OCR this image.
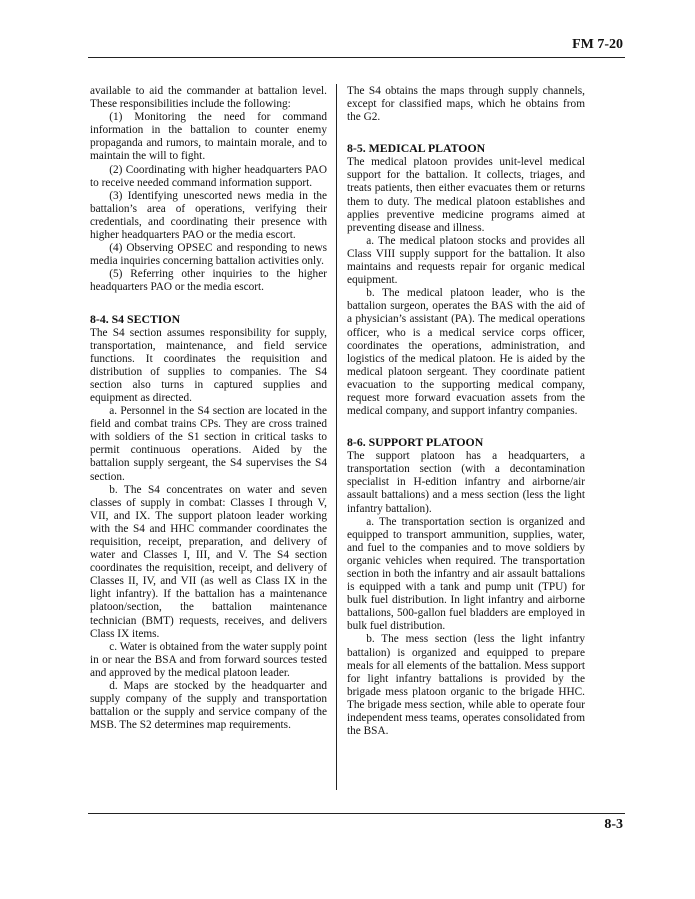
FM 7-20

available to aid the commander at battalion level. These responsibilities include the following:

(1) Monitoring the need for command information in the battalion to counter enemy propaganda and rumors, to maintain morale, and to maintain the will to fight.

(2) Coordinating with higher headquarters PAO to receive needed command information support.

(3) Identifying unescorted news media in the battalion’s area of operations, verifying their credentials, and coordinating their presence with higher headquarters PAO or the media escort.

(4) Observing OPSEC and responding to news media inquiries concerning battalion activities only.

(5) Referring other inquiries to the higher headquarters PAO or the media escort.

8-4. S4 SECTION

The S4 section assumes responsibility for supply, transportation, maintenance, and field service functions. It coordinates the requisition and distribution of supplies to companies. The S4 section also turns in captured supplies and equipment as directed.

a. Personnel in the S4 section are located in the field and combat trains CPs. They are cross trained with soldiers of the S1 section in critical tasks to permit continuous operations. Aided by the battalion supply sergeant, the S4 supervises the S4 section.

b. The S4 concentrates on water and seven classes of supply in combat: Classes I through V, VII, and IX. The support platoon leader working with the S4 and HHC commander coordinates the requisition, receipt, preparation, and delivery of water and Classes I, III, and V. The S4 section coordinates the requisition, receipt, and delivery of Classes II, IV, and VII (as well as Class IX in the light infantry). If the battalion has a maintenance platoon/section, the battalion maintenance technician (BMT) requests, receives, and delivers Class IX items.

c. Water is obtained from the water supply point in or near the BSA and from forward sources tested and approved by the medical platoon leader.

d. Maps are stocked by the headquarter and supply company of the supply and transportation battalion or the supply and service company of the MSB. The S2 determines map requirements.

The S4 obtains the maps through supply channels, except for classified maps, which he obtains from the G2.

8-5. MEDICAL PLATOON

The medical platoon provides unit-level medical support for the battalion. It collects, triages, and treats patients, then either evacuates them or returns them to duty. The medical platoon establishes and applies preventive medicine programs aimed at preventing disease and illness.

a. The medical platoon stocks and provides all Class VIII supply support for the battalion. It also maintains and requests repair for organic medical equipment.

b. The medical platoon leader, who is the battalion surgeon, operates the BAS with the aid of a physician’s assistant (PA). The medical operations officer, who is a medical service corps officer, coordinates the operations, administration, and logistics of the medical platoon. He is aided by the medical platoon sergeant. They coordinate patient evacuation to the supporting medical company, request more forward evacuation assets from the medical company, and support infantry companies.

8-6. SUPPORT PLATOON

The support platoon has a headquarters, a transportation section (with a decontamination specialist in H-edition infantry and airborne/air assault battalions) and a mess section (less the light infantry battalion).

a. The transportation section is organized and equipped to transport ammunition, supplies, water, and fuel to the companies and to move soldiers by organic vehicles when required. The transportation section in both the infantry and air assault battalions is equipped with a tank and pump unit (TPU) for bulk fuel distribution. In light infantry and airborne battalions, 500-gallon fuel bladders are employed in bulk fuel distribution.

b. The mess section (less the light infantry battalion) is organized and equipped to prepare meals for all elements of the battalion. Mess support for light infantry battalions is provided by the brigade mess platoon organic to the brigade HHC. The brigade mess section, while able to operate four independent mess teams, operates consolidated from the BSA.

8-3
